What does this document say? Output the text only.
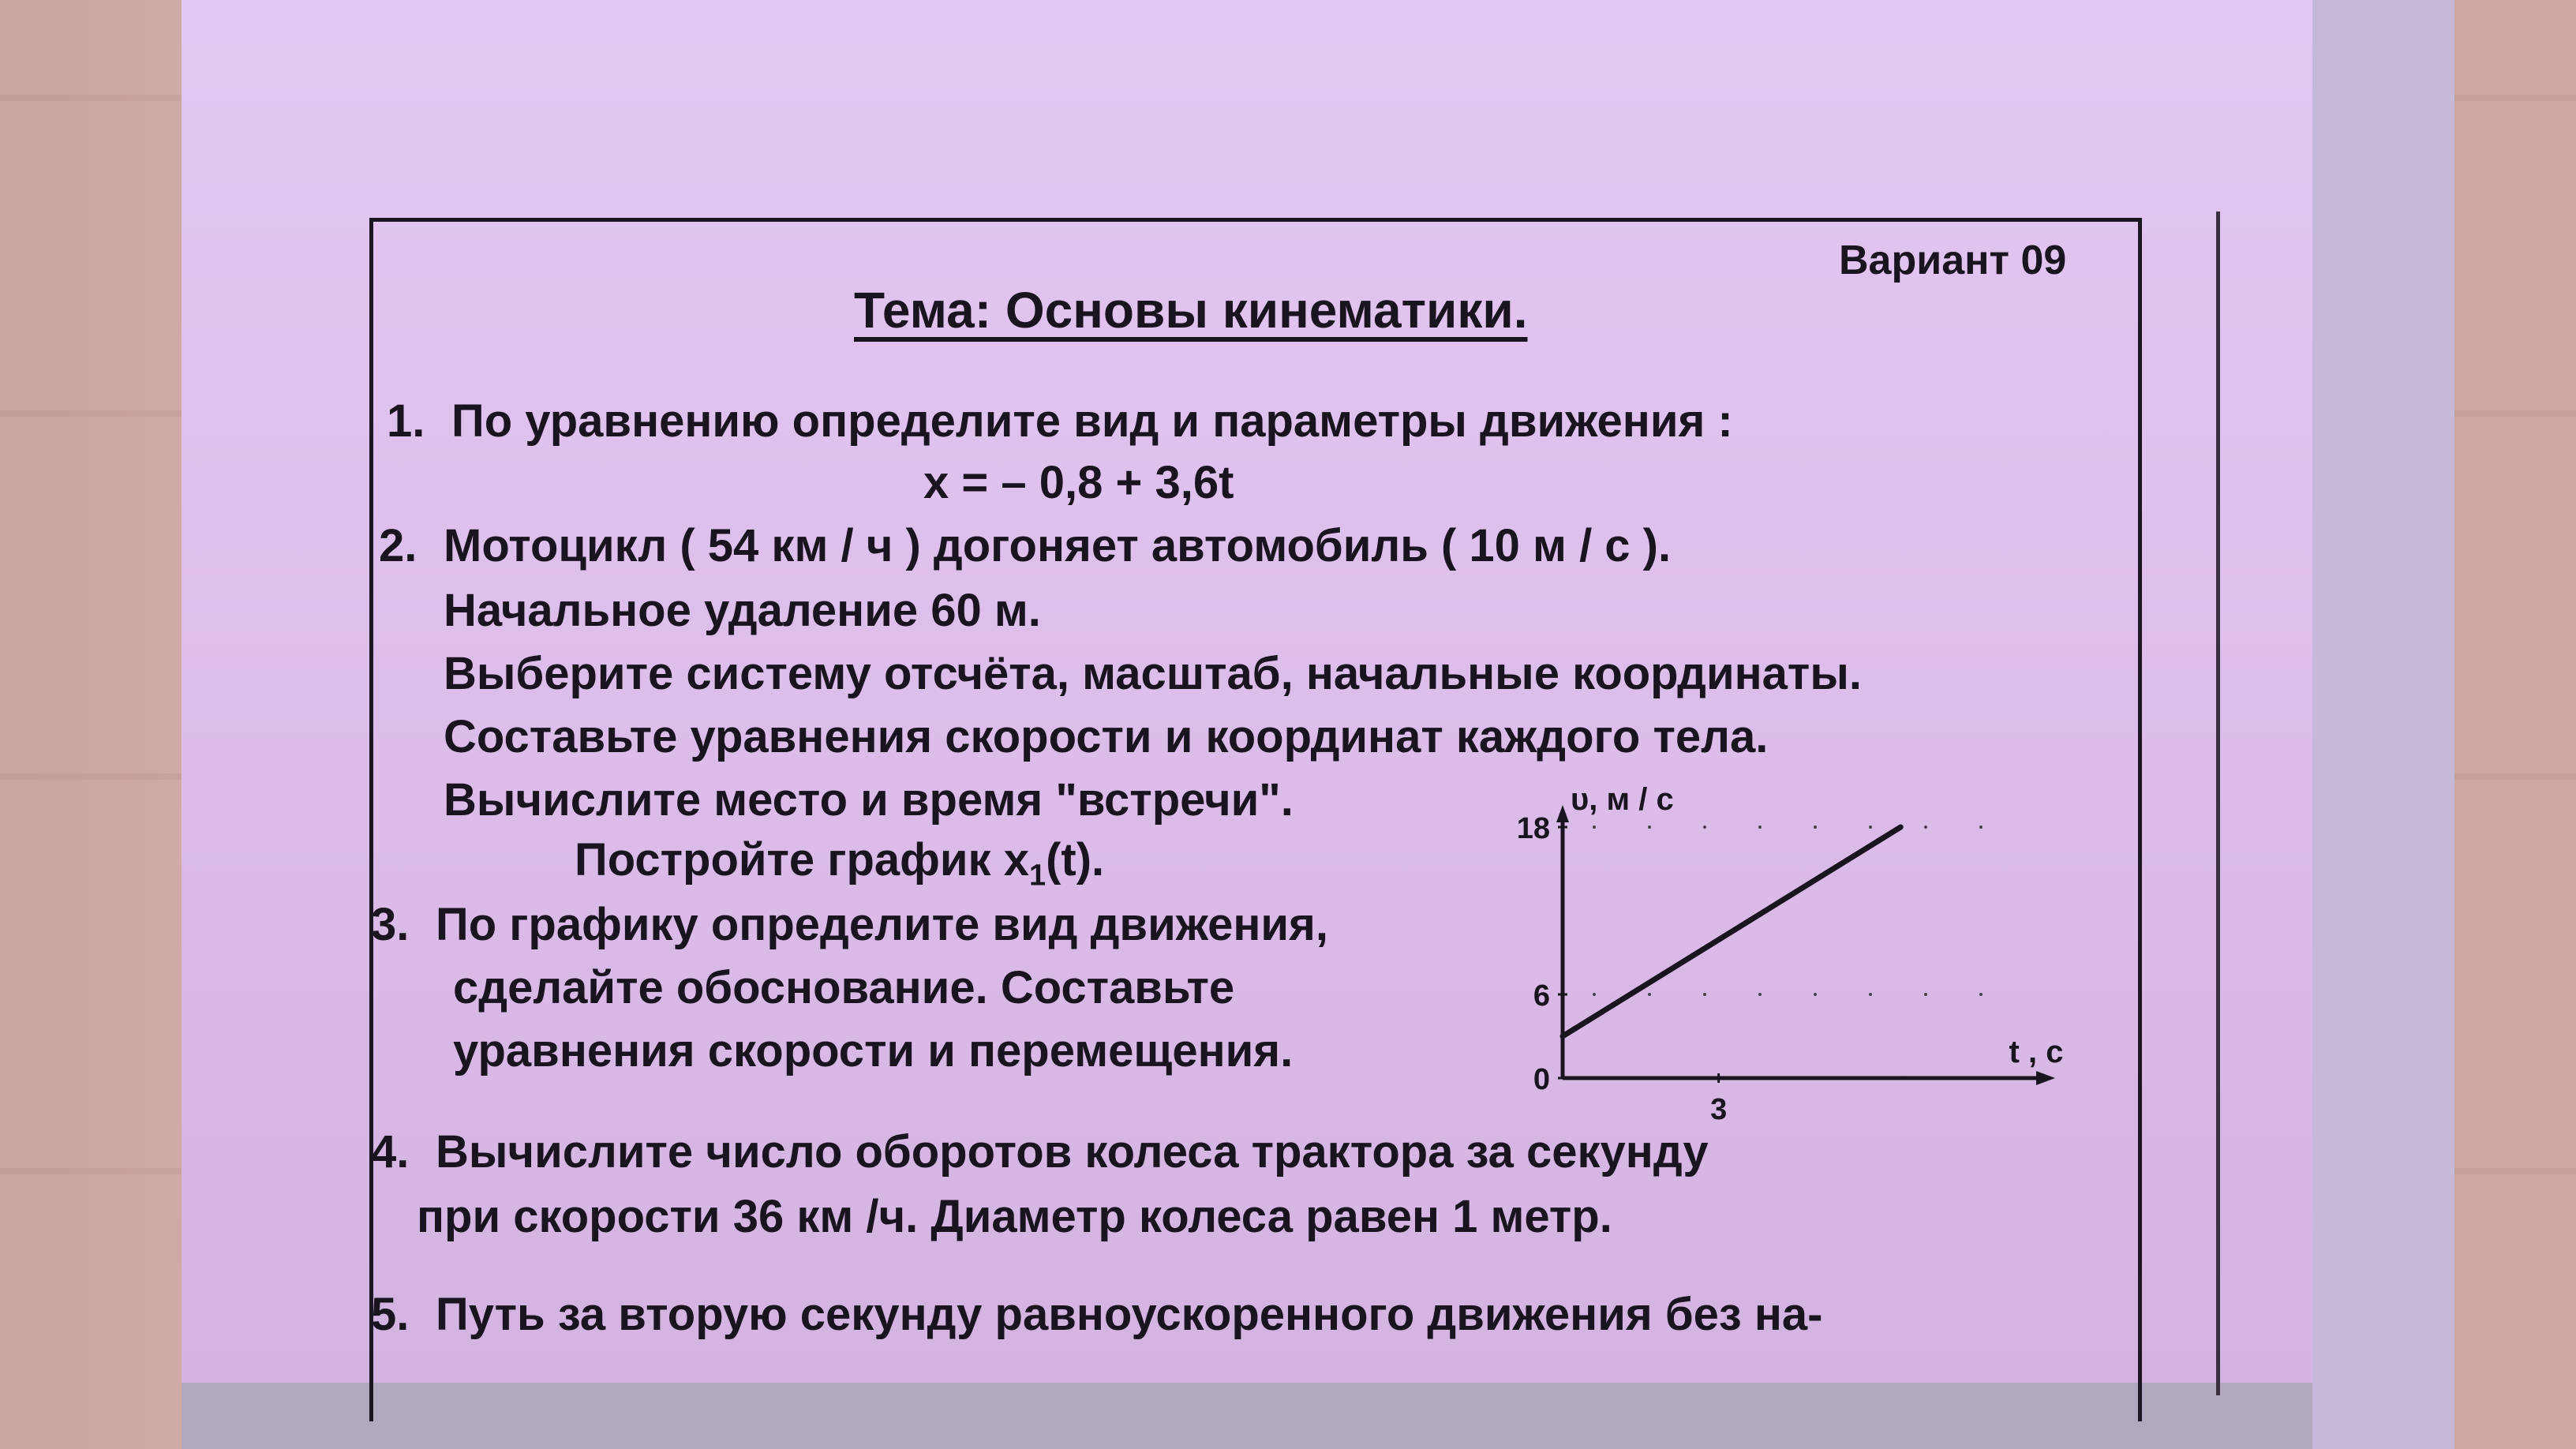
Вариант 09
Тема: Основы кинематики.
1. По уравнению определите вид и параметры движения :
x = – 0,8 + 3,6t
2. Мотоцикл ( 54 км / ч ) догоняет автомобиль ( 10 м / с ).
Начальное удаление 60 м.
Выберите систему отсчёта, масштаб, начальные координаты.
Составьте уравнения скорости и координат каждого тела.
Вычислите место и время "встречи".
Постройте график $x_1(t)$.
3. По графику определите вид движения,
сделайте обоснование. Составьте
уравнения скорости и перемещения.
4. Вычислите число оборотов колеса трактора за секунду
при скорости 36 км /ч. Диаметр колеса равен 1 метр.
5. Путь за вторую секунду равноускоренного движения без на-
18
6
0
3
υ, м / с
t , c
